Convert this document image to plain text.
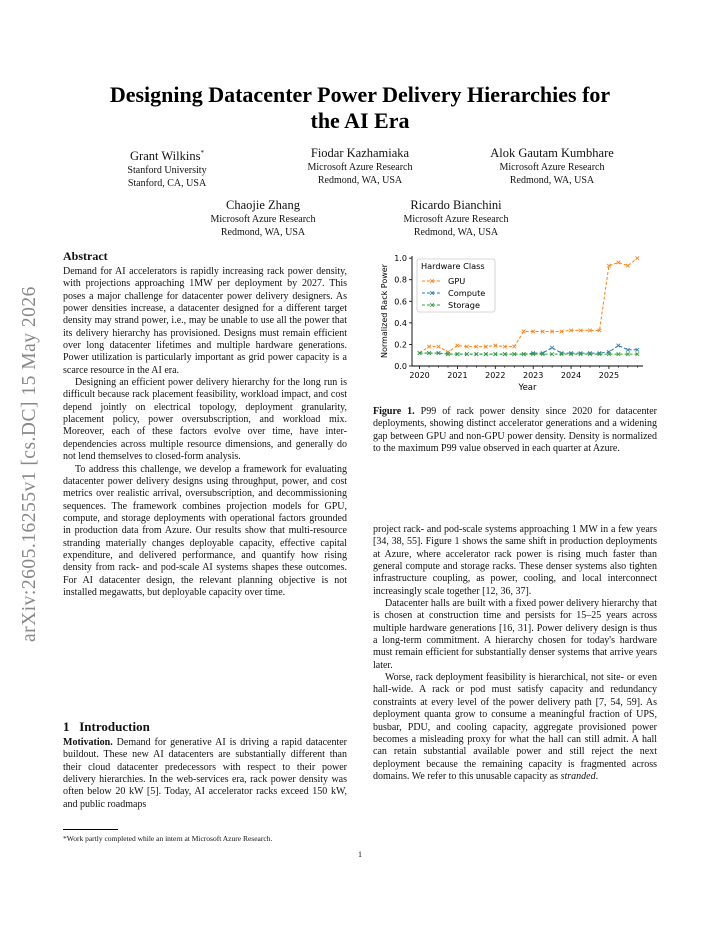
arXiv:2605.16255v1 [cs.DC] 15 May 2026
Designing Datacenter Power Delivery Hierarchies for the AI Era
Grant Wilkins*
Stanford University
Stanford, CA, USA
Fiodar Kazhamiaka
Microsoft Azure Research
Redmond, WA, USA
Alok Gautam Kumbhare
Microsoft Azure Research
Redmond, WA, USA
Chaojie Zhang
Microsoft Azure Research
Redmond, WA, USA
Ricardo Bianchini
Microsoft Azure Research
Redmond, WA, USA
Abstract

Demand for AI accelerators is rapidly increasing rack power density, with projections approaching 1MW per deployment by 2027. This poses a major challenge for datacenter power delivery designers. As power densities increase, a datacenter designed for a different target density may strand power, i.e., may be unable to use all the power that its delivery hierarchy has provisioned. Designs must remain efficient over long datacenter lifetimes and multiple hardware generations. Power utilization is particularly important as grid power capacity is a scarce resource in the AI era.

Designing an efficient power delivery hierarchy for the long run is difficult because rack placement feasibility, workload impact, and cost depend jointly on electrical topology, deployment granularity, placement policy, power oversubscription, and workload mix. Moreover, each of these factors evolve over time, have inter-dependencies across multiple resource dimensions, and generally do not lend themselves to closed-form analysis.

To address this challenge, we develop a framework for evaluating datacenter power delivery designs using throughput, power, and cost metrics over realistic arrival, oversubscription, and decommissioning sequences. The framework combines projection models for GPU, compute, and storage deployments with operational factors grounded in production data from Azure. Our results show that multi-resource stranding materially changes deployable capacity, effective capital expenditure, and delivered performance, and quantify how rising density from rack- and pod-scale AI systems shapes these outcomes. For AI datacenter design, the relevant planning objective is not installed megawatts, but deployable capacity over time.

1 Introduction

Motivation. Demand for generative AI is driving a rapid datacenter buildout. These new AI datacenters are substantially different than their cloud datacenter predecessors with respect to their power delivery hierarchies. In the web-services era, rack power density was often below 20 kW [5]. Today, AI accelerator racks exceed 150 kW, and public roadmaps

*Work partly completed while an intern at Microsoft Azure Research.
1
0.0
0.2
0.4
0.6
0.8
1.0
2020 2021 2022 2023 2024 2025
Year
Normalized Rack Power	Hardware Class
GPU
Compute
Storage
Figure 1. P99 of rack power density since 2020 for datacenter deployments, showing distinct accelerator generations and a widening gap between GPU and non-GPU power density. Density is normalized to the maximum P99 value observed in each quarter at Azure.

project rack- and pod-scale systems approaching 1 MW in a few years [34, 38, 55]. Figure 1 shows the same shift in production deployments at Azure, where accelerator rack power is rising much faster than general compute and storage racks. These denser systems also tighten infrastructure coupling, as power, cooling, and local interconnect increasingly scale together [12, 36, 37].

Datacenter halls are built with a fixed power delivery hierarchy that is chosen at construction time and persists for 15–25 years across multiple hardware generations [16, 31]. Power delivery design is thus a long-term commitment. A hierarchy chosen for today's hardware must remain efficient for substantially denser systems that arrive years later.

Worse, rack deployment feasibility is hierarchical, not site- or even hall-wide. A rack or pod must satisfy capacity and redundancy constraints at every level of the power delivery path [7, 54, 59]. As deployment quanta grow to consume a meaningful fraction of UPS, busbar, PDU, and cooling capacity, aggregate provisioned power becomes a misleading proxy for what the hall can still admit. A hall can retain substantial available power and still reject the next deployment because the remaining capacity is fragmented across domains. We refer to this unusable capacity as stranded.
